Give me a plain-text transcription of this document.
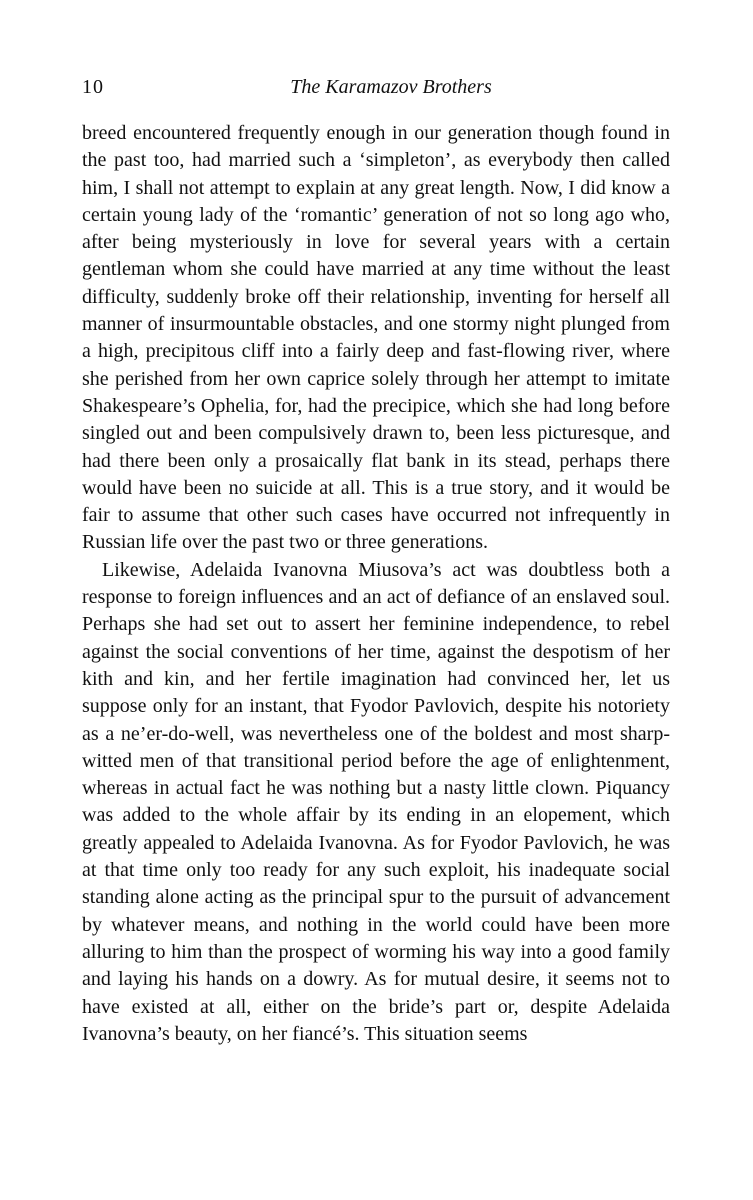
10	The Karamazov Brothers

breed encountered frequently enough in our generation though found in the past too, had married such a ‘simpleton’, as everybody then called him, I shall not attempt to explain at any great length. Now, I did know a certain young lady of the ‘romantic’ generation of not so long ago who, after being mysteriously in love for several years with a certain gentleman whom she could have married at any time without the least difficulty, suddenly broke off their relationship, inventing for herself all manner of insurmountable obstacles, and one stormy night plunged from a high, precipitous cliff into a fairly deep and fast-flowing river, where she perished from her own caprice solely through her attempt to imitate Shakespeare’s Ophelia, for, had the precipice, which she had long before singled out and been compulsively drawn to, been less picturesque, and had there been only a prosaically flat bank in its stead, perhaps there would have been no suicide at all. This is a true story, and it would be fair to assume that other such cases have occurred not infrequently in Russian life over the past two or three generations.

Likewise, Adelaida Ivanovna Miusova’s act was doubtless both a response to foreign influences and an act of defiance of an enslaved soul. Perhaps she had set out to assert her feminine independence, to rebel against the social conventions of her time, against the despotism of her kith and kin, and her fertile imagination had convinced her, let us suppose only for an instant, that Fyodor Pavlovich, despite his notoriety as a ne’er-do-well, was nevertheless one of the boldest and most sharp-witted men of that transitional period before the age of enlightenment, whereas in actual fact he was nothing but a nasty little clown. Piquancy was added to the whole affair by its ending in an elopement, which greatly appealed to Adelaida Ivanovna. As for Fyodor Pavlovich, he was at that time only too ready for any such exploit, his inadequate social standing alone acting as the principal spur to the pursuit of advancement by whatever means, and nothing in the world could have been more alluring to him than the prospect of worming his way into a good family and laying his hands on a dowry. As for mutual desire, it seems not to have existed at all, either on the bride’s part or, despite Adelaida Ivanovna’s beauty, on her fiancé’s. This situation seems
